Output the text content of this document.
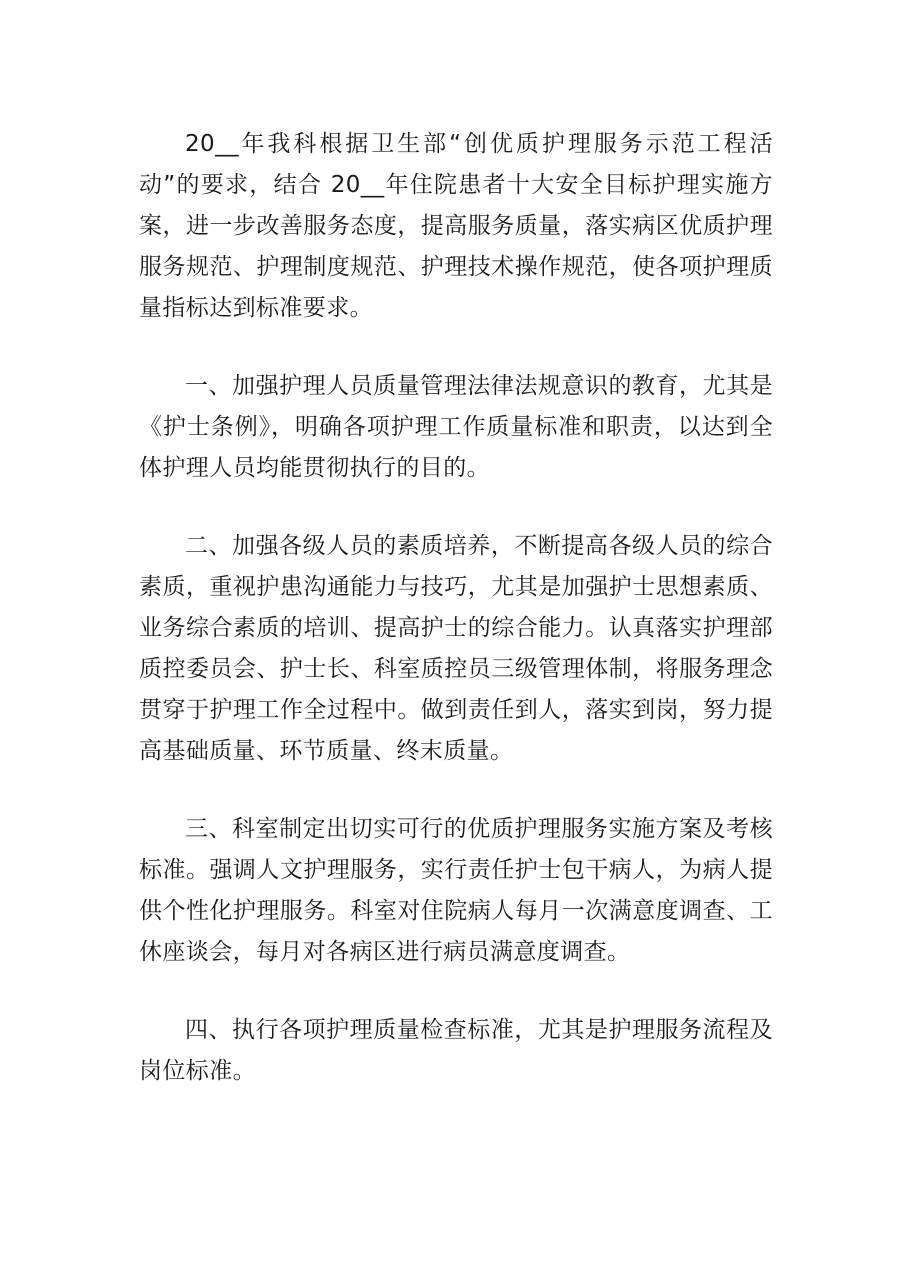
20__年我科根据卫生部“创优质护理服务示范工程活动”的要求，结合 20__年住院患者十大安全目标护理实施方案，进一步改善服务态度，提高服务质量，落实病区优质护理服务规范、护理制度规范、护理技术操作规范，使各项护理质量指标达到标准要求。

一、加强护理人员质量管理法律法规意识的教育，尤其是《护士条例》，明确各项护理工作质量标准和职责，以达到全体护理人员均能贯彻执行的目的。

二、加强各级人员的素质培养，不断提高各级人员的综合素质，重视护患沟通能力与技巧，尤其是加强护士思想素质、业务综合素质的培训、提高护士的综合能力。认真落实护理部质控委员会、护士长、科室质控员三级管理体制，将服务理念贯穿于护理工作全过程中。做到责任到人，落实到岗，努力提高基础质量、环节质量、终末质量。

三、科室制定出切实可行的优质护理服务实施方案及考核标准。强调人文护理服务，实行责任护士包干病人，为病人提供个性化护理服务。科室对住院病人每月一次满意度调查、工休座谈会，每月对各病区进行病员满意度调查。

四、执行各项护理质量检查标准，尤其是护理服务流程及岗位标准。
